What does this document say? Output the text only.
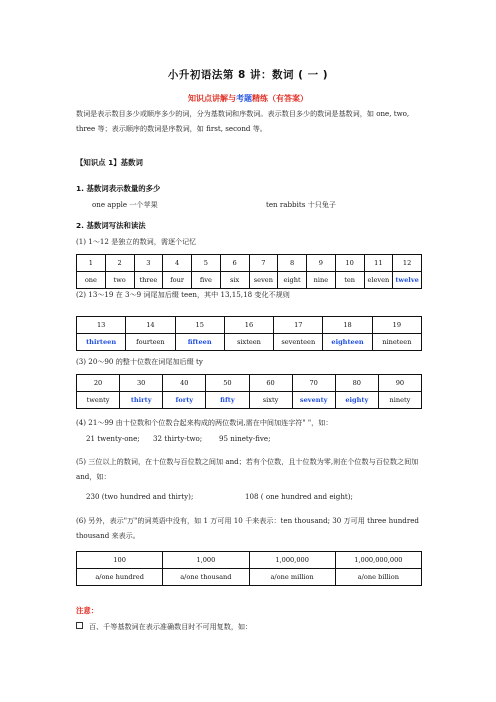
小升初语法第 8 讲：数词 ( 一 )
知识点讲解与考题精练（有答案）
数词是表示数目多少或顺序多少的词，分为基数词和序数词。表示数目多少的数词是基数词，如 one, two, three 等；表示顺序的数词是序数词，如 first, second 等。
【知识点 1】基数词
1. 基数词表示数量的多少
one apple 一个苹果	ten rabbits 十只兔子
2. 基数词写法和读法
(1) 1～12 是独立的数词，需逐个记忆
1	2	3	4	5	6	7	8	9	10	11	12
one	two	three	four	five	six	seven	eight	nine	ten	eleven	twelve
(2) 13～19 在 3～9 词尾加后缀 teen，其中 13,15,18 变化不规则
13	14	15	16	17	18	19
thirteen	fourteen	fifteen	sixteen	seventeen	eighteen	nineteen
(3) 20～90 的整十位数在词尾加后缀 ty
20	30	40	50	60	70	80	90
twenty	thirty	forty	fifty	sixty	seventy	eighty	ninety
(4) 21～99 由十位数和个位数合起来构成的两位数词,需在中间加连字符" "，如：
21 twenty-one; 32 thirty-two; 95 ninety-five;
(5) 三位以上的数词，在十位数与百位数之间加 and；若有个位数，且十位数为零,则在个位数与百位数之间加 and，如：
230 (two hundred and thirty);	108 ( one hundred and eight);
(6) 另外，表示"万"的词英语中没有，如 1 万可用 10 千来表示：ten thousand; 30 万可用 three hundred thousand 来表示。
100	1,000	1,000,000	1,000,000,000
a/one hundred	a/one thousand	a/one million	a/one billion
注意：
百、千等基数词在表示准确数目时不可用复数，如：
